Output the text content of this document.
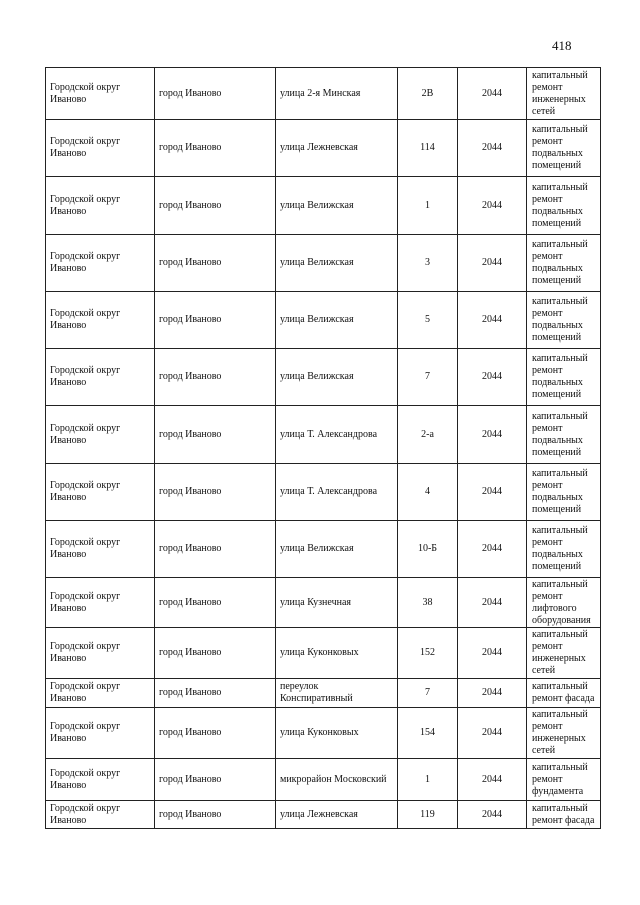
418
Городской округ Иваново	город Иваново	улица 2-я Минская	2В	2044	капитальный ремонт инженерных сетей
Городской округ Иваново	город Иваново	улица Лежневская	114	2044	капитальный ремонт подвальных помещений
Городской округ Иваново	город Иваново	улица Велижская	1	2044	капитальный ремонт подвальных помещений
Городской округ Иваново	город Иваново	улица Велижская	3	2044	капитальный ремонт подвальных помещений
Городской округ Иваново	город Иваново	улица Велижская	5	2044	капитальный ремонт подвальных помещений
Городской округ Иваново	город Иваново	улица Велижская	7	2044	капитальный ремонт подвальных помещений
Городской округ Иваново	город Иваново	улица Т. Александрова	2-а	2044	капитальный ремонт подвальных помещений
Городской округ Иваново	город Иваново	улица Т. Александрова	4	2044	капитальный ремонт подвальных помещений
Городской округ Иваново	город Иваново	улица Велижская	10-Б	2044	капитальный ремонт подвальных помещений
Городской округ Иваново	город Иваново	улица Кузнечная	38	2044	капитальный ремонт лифтового оборудования
Городской округ Иваново	город Иваново	улица Куконковых	152	2044	капитальный ремонт инженерных сетей
Городской округ Иваново	город Иваново	переулок Конспиративный	7	2044	капитальный ремонт фасада
Городской округ Иваново	город Иваново	улица Куконковых	154	2044	капитальный ремонт инженерных сетей
Городской округ Иваново	город Иваново	микрорайон Московский	1	2044	капитальный ремонт фундамента
Городской округ Иваново	город Иваново	улица Лежневская	119	2044	капитальный ремонт фасада
